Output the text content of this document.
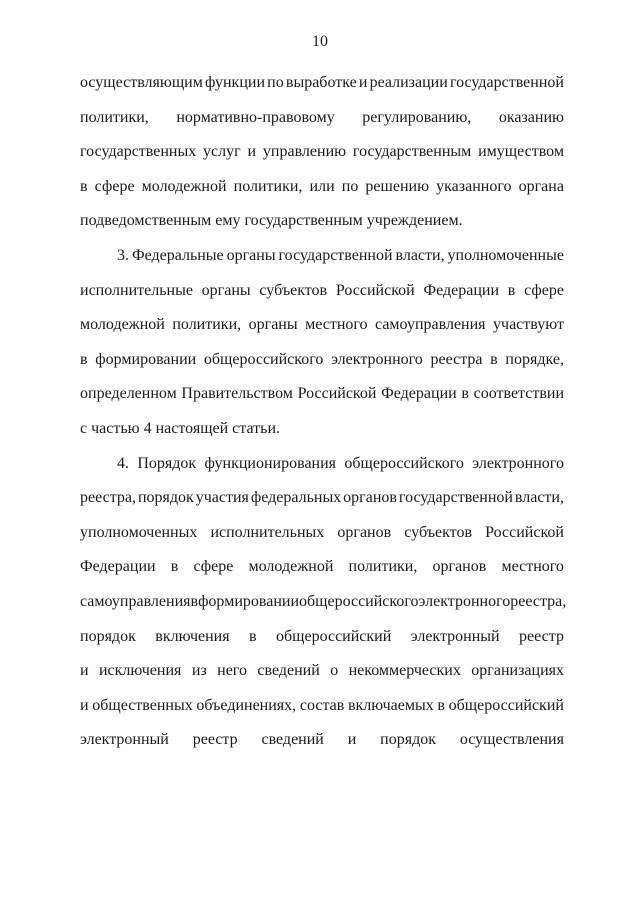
10
осуществляющим функции по выработке и реализации государственной
политики, нормативно-правовому регулированию, оказанию
государственных услуг и управлению государственным имуществом
в сфере молодежной политики, или по решению указанного органа
подведомственным ему государственным учреждением.
3. Федеральные органы государственной власти, уполномоченные
исполнительные органы субъектов Российской Федерации в сфере
молодежной политики, органы местного самоуправления участвуют
в формировании общероссийского электронного реестра в порядке,
определенном Правительством Российской Федерации в соответствии
с частью 4 настоящей статьи.
4. Порядок функционирования общероссийского электронного
реестра, порядок участия федеральных органов государственной власти,
уполномоченных исполнительных органов субъектов Российской
Федерации в сфере молодежной политики, органов местного
самоуправления в формировании общероссийского электронного реестра,
порядок включения в общероссийский электронный реестр
и исключения из него сведений о некоммерческих организациях
и общественных объединениях, состав включаемых в общероссийский
электронный реестр сведений и порядок осуществления
